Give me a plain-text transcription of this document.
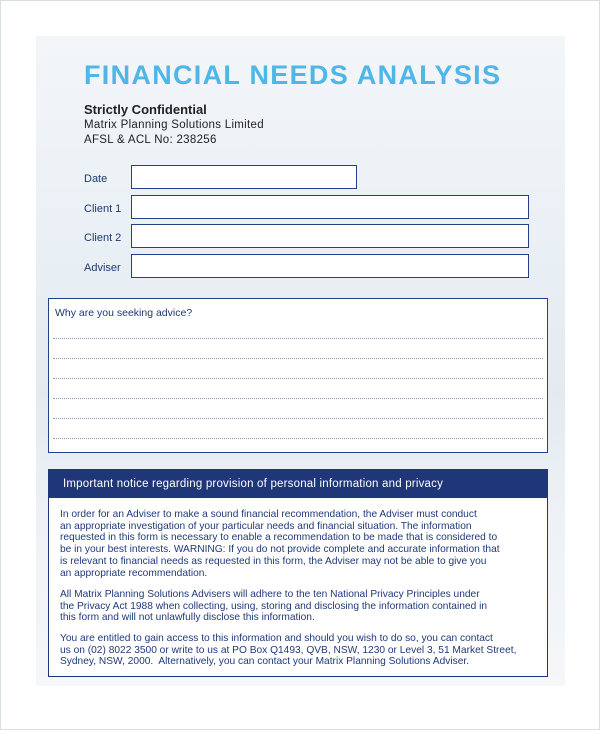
FINANCIAL NEEDS ANALYSIS
Strictly Confidential
Matrix Planning Solutions Limited
AFSL & ACL No: 238256
Date
Client 1
Client 2
Adviser
Why are you seeking advice?
Important notice regarding provision of personal information and privacy
In order for an Adviser to make a sound financial recommendation, the Adviser must conduct
an appropriate investigation of your particular needs and financial situation. The information
requested in this form is necessary to enable a recommendation to be made that is considered to
be in your best interests. WARNING: If you do not provide complete and accurate information that
is relevant to financial needs as requested in this form, the Adviser may not be able to give you
an appropriate recommendation.
All Matrix Planning Solutions Advisers will adhere to the ten National Privacy Principles under
the Privacy Act 1988 when collecting, using, storing and disclosing the information contained in
this form and will not unlawfully disclose this information.
You are entitled to gain access to this information and should you wish to do so, you can contact
us on (02) 8022 3500 or write to us at PO Box Q1493, QVB, NSW, 1230 or Level 3, 51 Market Street,
Sydney, NSW, 2000.  Alternatively, you can contact your Matrix Planning Solutions Adviser.
